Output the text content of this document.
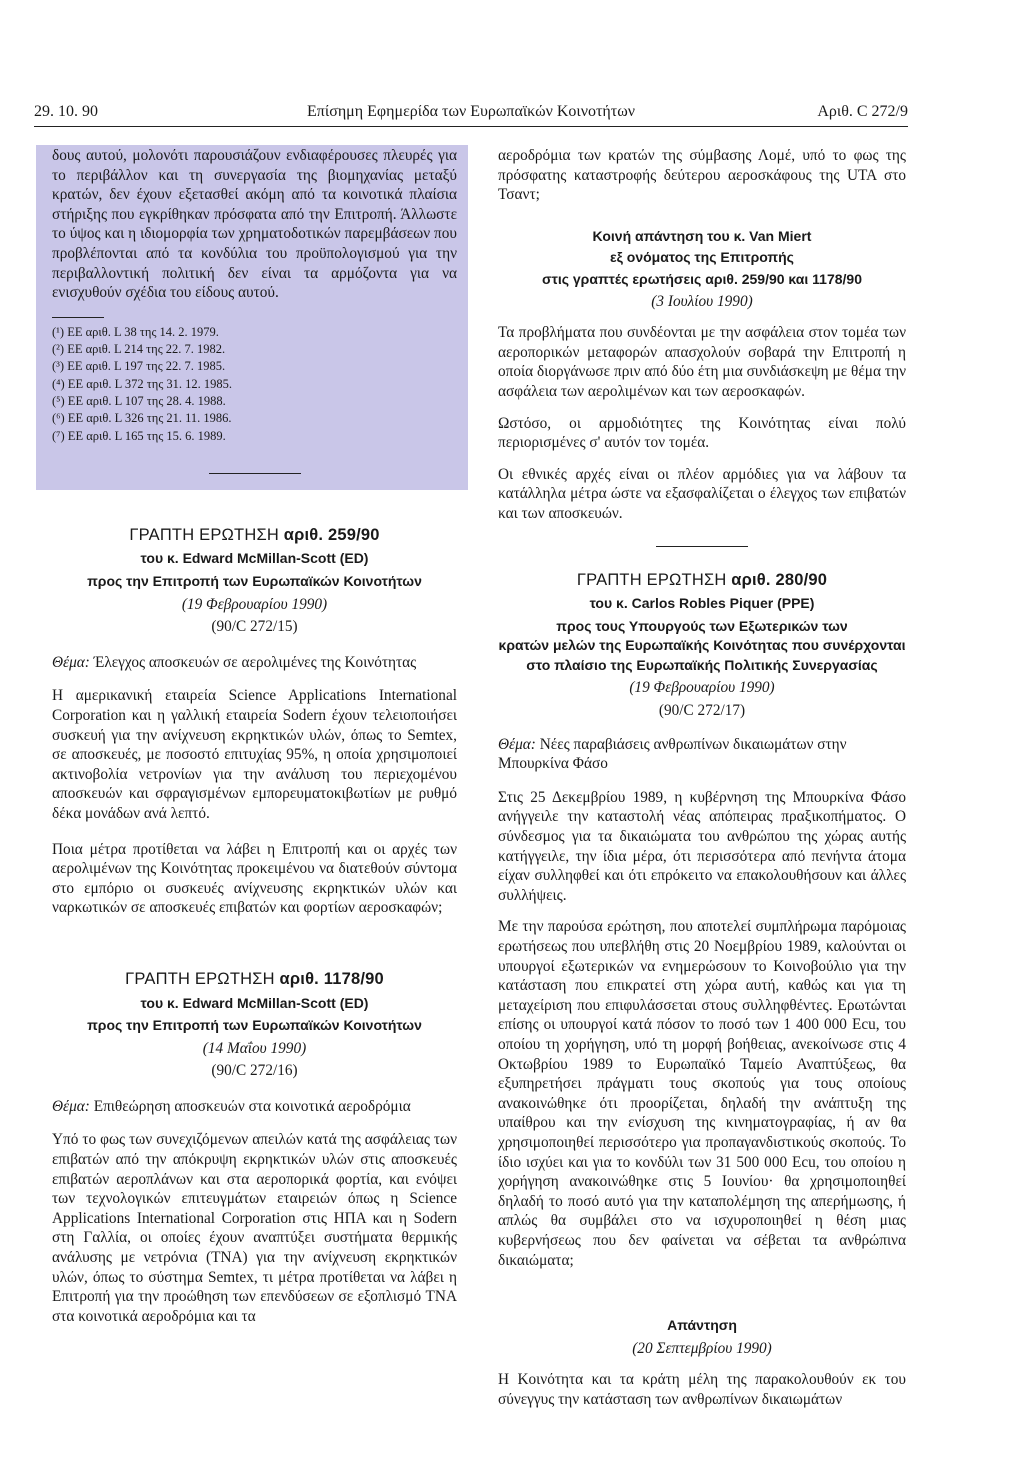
29. 10. 90	Επίσημη Εφημερίδα των Ευρωπαϊκών Κοινοτήτων	Αριθ. C 272/9

δους αυτού, μολονότι παρουσιάζουν ενδιαφέρουσες πλευρές για το περιβάλλον και τη συνεργασία της βιομηχανίας μεταξύ κρατών, δεν έχουν εξετασθεί ακόμη από τα κοινοτικά πλαίσια στήριξης που εγκρίθηκαν πρόσφατα από την Επιτροπή. Άλλωστε το ύψος και η ιδιομορφία των χρηματοδοτικών παρεμβάσεων που προβλέπονται από τα κονδύλια του προϋπολογισμού για την περιβαλλοντική πολιτική δεν είναι τα αρμόζοντα για να ενισχυθούν σχέδια του είδους αυτού.

(¹) ΕΕ αριθ. L 38 της 14. 2. 1979.
(²) ΕΕ αριθ. L 214 της 22. 7. 1982.
(³) ΕΕ αριθ. L 197 της 22. 7. 1985.
(⁴) ΕΕ αριθ. L 372 της 31. 12. 1985.
(⁵) ΕΕ αριθ. L 107 της 28. 4. 1988.
(⁶) ΕΕ αριθ. L 326 της 21. 11. 1986.
(⁷) ΕΕ αριθ. L 165 της 15. 6. 1989.
ΓΡΑΠΤΗ ΕΡΩΤΗΣΗ αριθ. 259/90
του κ. Edward McMillan-Scott (ED)
προς την Επιτροπή των Ευρωπαϊκών Κοινοτήτων
(19 Φεβρουαρίου 1990)
(90/C 272/15)

Θέμα: Έλεγχος αποσκευών σε αερολιμένες της Κοινότητας

Η αμερικανική εταιρεία Science Applications International Corporation και η γαλλική εταιρεία Sodern έχουν τελειοποιήσει συσκευή για την ανίχνευση εκρηκτικών υλών, όπως το Semtex, σε αποσκευές, με ποσοστό επιτυχίας 95%, η οποία χρησιμοποιεί ακτινοβολία νετρονίων για την ανάλυση του περιεχομένου αποσκευών και σφραγισμένων εμπορευματοκιβωτίων με ρυθμό δέκα μονάδων ανά λεπτό.

Ποια μέτρα προτίθεται να λάβει η Επιτροπή και οι αρχές των αερολιμένων της Κοινότητας προκειμένου να διατεθούν σύντομα στο εμπόριο οι συσκευές ανίχνευσης εκρηκτικών υλών και ναρκωτικών σε αποσκευές επιβατών και φορτίων αεροσκαφών;

ΓΡΑΠΤΗ ΕΡΩΤΗΣΗ αριθ. 1178/90
του κ. Edward McMillan-Scott (ED)
προς την Επιτροπή των Ευρωπαϊκών Κοινοτήτων
(14 Μαΐου 1990)
(90/C 272/16)

Θέμα: Επιθεώρηση αποσκευών στα κοινοτικά αεροδρόμια

Υπό το φως των συνεχιζόμενων απειλών κατά της ασφάλειας των επιβατών από την απόκρυψη εκρηκτικών υλών στις αποσκευές επιβατών αεροπλάνων και στα αεροπορικά φορτία, και ενόψει των τεχνολογικών επιτευγμάτων εταιρειών όπως η Science Applications International Corporation στις ΗΠΑ και η Sodern στη Γαλλία, οι οποίες έχουν αναπτύξει συστήματα θερμικής ανάλυσης με νετρόνια (TNA) για την ανίχνευση εκρηκτικών υλών, όπως το σύστημα Semtex, τι μέτρα προτίθεται να λάβει η Επιτροπή για την προώθηση των επενδύσεων σε εξοπλισμό TNA στα κοινοτικά αεροδρόμια και τα

αεροδρόμια των κρατών της σύμβασης Λομέ, υπό το φως της πρόσφατης καταστροφής δεύτερου αεροσκάφους της UTA στο Τσαντ;

Κοινή απάντηση του κ. Van Miert
εξ ονόματος της Επιτροπής
στις γραπτές ερωτήσεις αριθ. 259/90 και 1178/90
(3 Ιουλίου 1990)

Τα προβλήματα που συνδέονται με την ασφάλεια στον τομέα των αεροπορικών μεταφορών απασχολούν σοβαρά την Επιτροπή η οποία διοργάνωσε πριν από δύο έτη μια συνδιάσκεψη με θέμα την ασφάλεια των αερολιμένων και των αεροσκαφών.

Ωστόσο, οι αρμοδιότητες της Κοινότητας είναι πολύ περιορισμένες σ' αυτόν τον τομέα.

Οι εθνικές αρχές είναι οι πλέον αρμόδιες για να λάβουν τα κατάλληλα μέτρα ώστε να εξασφαλίζεται ο έλεγχος των επιβατών και των αποσκευών.

ΓΡΑΠΤΗ ΕΡΩΤΗΣΗ αριθ. 280/90
του κ. Carlos Robles Piquer (PPE)
προς τους Υπουργούς των Εξωτερικών των
κρατών μελών της Ευρωπαϊκής Κοινότητας που συνέρχονται
στο πλαίσιο της Ευρωπαϊκής Πολιτικής Συνεργασίας
(19 Φεβρουαρίου 1990)
(90/C 272/17)

Θέμα: Νέες παραβιάσεις ανθρωπίνων δικαιωμάτων στην Μπουρκίνα Φάσο

Στις 25 Δεκεμβρίου 1989, η κυβέρνηση της Μπουρκίνα Φάσο ανήγγειλε την καταστολή νέας απόπειρας πραξικοπήματος. Ο σύνδεσμος για τα δικαιώματα του ανθρώπου της χώρας αυτής κατήγγειλε, την ίδια μέρα, ότι περισσότερα από πενήντα άτομα είχαν συλληφθεί και ότι επρόκειτο να επακολουθήσουν και άλλες συλλήψεις.

Με την παρούσα ερώτηση, που αποτελεί συμπλήρωμα παρόμοιας ερωτήσεως που υπεβλήθη στις 20 Νοεμβρίου 1989, καλούνται οι υπουργοί εξωτερικών να ενημερώσουν το Κοινοβούλιο για την κατάσταση που επικρατεί στη χώρα αυτή, καθώς και για τη μεταχείριση που επιφυλάσσεται στους συλληφθέντες. Ερωτώνται επίσης οι υπουργοί κατά πόσον το ποσό των 1 400 000 Ecu, του οποίου τη χορήγηση, υπό τη μορφή βοήθειας, ανεκοίνωσε στις 4 Οκτωβρίου 1989 το Ευρωπαϊκό Ταμείο Αναπτύξεως, θα εξυπηρετήσει πράγματι τους σκοπούς για τους οποίους ανακοινώθηκε ότι προορίζεται, δηλαδή την ανάπτυξη της υπαίθρου και την ενίσχυση της κινηματογραφίας, ή αν θα χρησιμοποιηθεί περισσότερο για προπαγανδιστικούς σκοπούς. Το ίδιο ισχύει και για το κονδύλι των 31 500 000 Ecu, του οποίου η χορήγηση ανακοινώθηκε στις 5 Ιουνίου· θα χρησιμοποιηθεί δηλαδή το ποσό αυτό για την καταπολέμηση της απερήμωσης, ή απλώς θα συμβάλει στο να ισχυροποιηθεί η θέση μιας κυβερνήσεως που δεν φαίνεται να σέβεται τα ανθρώπινα δικαιώματα;

Απάντηση
(20 Σεπτεμβρίου 1990)

Η Κοινότητα και τα κράτη μέλη της παρακολουθούν εκ του σύνεγγυς την κατάσταση των ανθρωπίνων δικαιωμάτων
